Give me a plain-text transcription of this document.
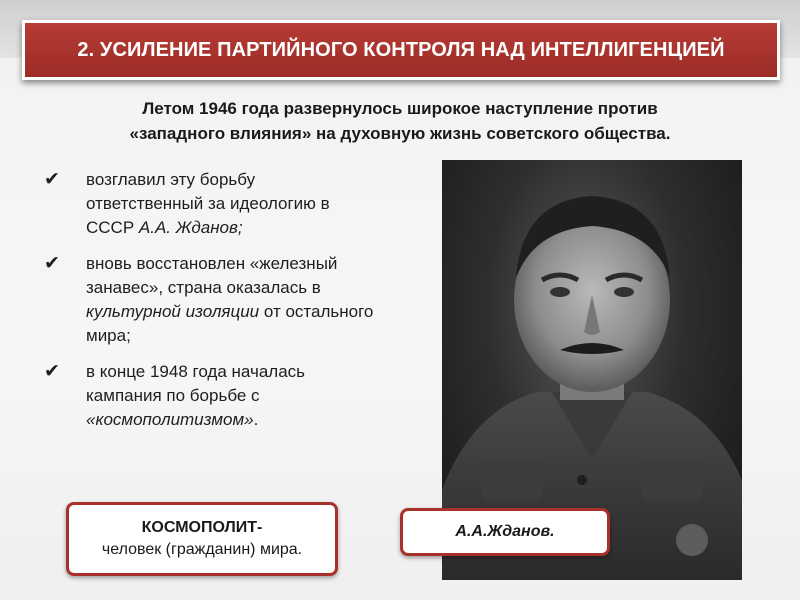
2. УСИЛЕНИЕ ПАРТИЙНОГО КОНТРОЛЯ НАД ИНТЕЛЛИГЕНЦИЕЙ
Летом 1946 года развернулось широкое наступление против
«западного влияния» на духовную жизнь советского общества.
✔ возглавил эту борьбу ответственный за идеологию в СССР А.А. Жданов;
✔ вновь восстановлен «железный занавес», страна оказалась в культурной изоляции от остального мира;
✔ в конце 1948 года началась кампания по борьбе с «космополитизмом».
А.А.Жданов.
КОСМОПОЛИТ-
человек (гражданин) мира.
